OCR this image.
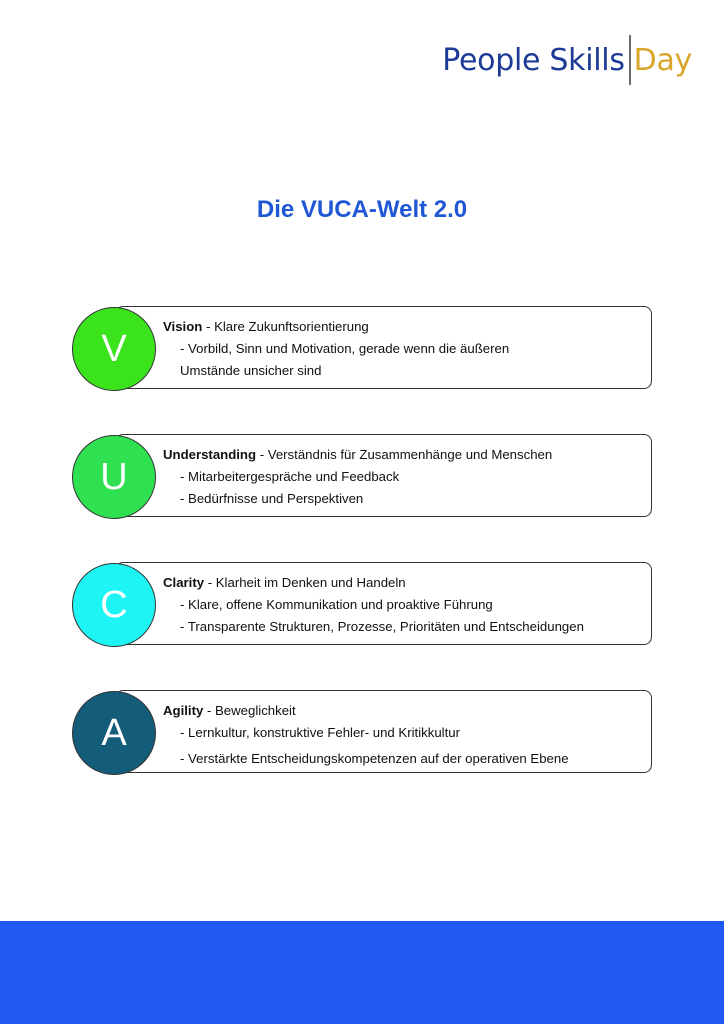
People Skills Day
Die VUCA-Welt 2.0
V
Vision - Klare Zukunftsorientierung
- Vorbild, Sinn und Motivation, gerade wenn die äußeren
Umstände unsicher sind
U
Understanding - Verständnis für Zusammenhänge und Menschen
- Mitarbeitergespräche und Feedback
- Bedürfnisse und Perspektiven
C
Clarity - Klarheit im Denken und Handeln
- Klare, offene Kommunikation und proaktive Führung
- Transparente Strukturen, Prozesse, Prioritäten und Entscheidungen
A
Agility - Beweglichkeit
- Lernkultur, konstruktive Fehler- und Kritikkultur
- Verstärkte Entscheidungskompetenzen auf der operativen Ebene
